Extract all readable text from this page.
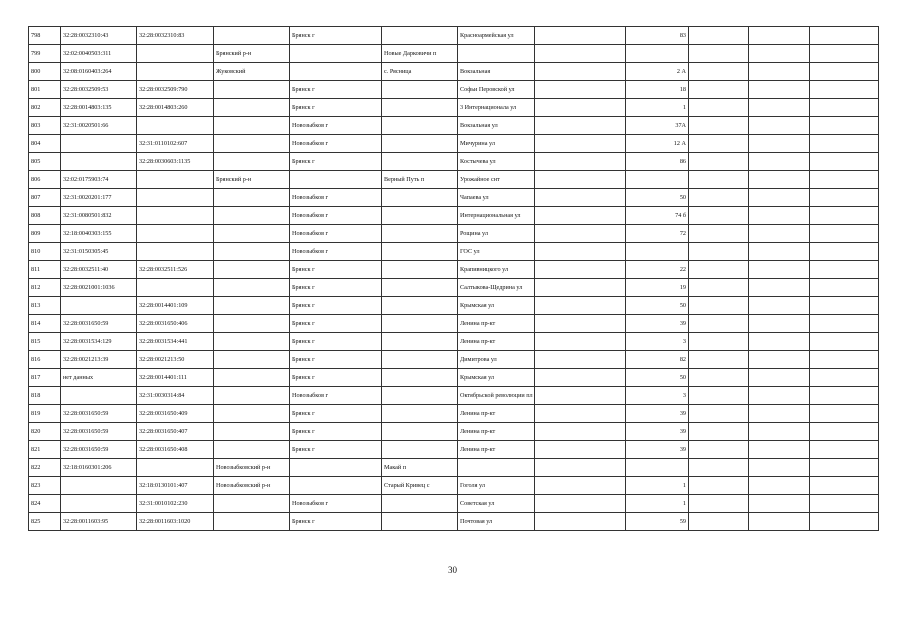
798	32:28:0032310:43	32:28:0032310:83		Брянск г		Красноармейская ул		83			
799	32:02:0040503:311		Брянский р-н		Новые Дарковичи п						
800	32:08:0160403:264		Жуковский		с. Рясница	Вокзальная		2 А			
801	32:28:0032509:53	32:28:0032509:790		Брянск г		Софьи Перовской ул		18			
802	32:28:0014803:135	32:28:0014803:260		Брянск г		3 Интернационала ул		1			
803	32:31:0020501:66			Новозыбков г		Вокзальная ул		37А			
804		32:31:0110102:607		Новозыбков г		Мичурина ул		12 А			
805		32:28:0030603:1135		Брянск г		Костычева ул		86			
806	32:02:0175903:74		Брянский р-н		Верный Путь п	Урожайное снт					
807	32:31:0020201:177			Новозыбков г		Чапаева ул		50			
808	32:31:0080501:832			Новозыбков г		Интернациональная ул		74 б			
809	32:18:0040303:155			Новозыбков г		Рощина ул		72			
810	32:31:0150305:45			Новозыбков г		ГОС ул					
811	32:28:0032511:40	32:28:0032511:526		Брянск г		Крапивницкого ул		22			
812	32:28:0021001:1036			Брянск г		Салтыкова-Щедрина ул		19			
813		32:28:0014401:109		Брянск г		Крымская ул		50			
814	32:28:0031650:59	32:28:0031650:406		Брянск г		Ленина пр-кт		39			
815	32:28:0031534:129	32:28:0031534:441		Брянск г		Ленина пр-кт		3			
816	32:28:0021213:39	32:28:0021213:50		Брянск г		Димитрова ул		82			
817	нет данных	32:28:0014401:111		Брянск г		Крымская ул		50			
818		32:31:0030314:84		Новозыбков г		Октябрьской революции пл		3			
819	32:28:0031650:59	32:28:0031650:409		Брянск г		Ленина пр-кт		39			
820	32:28:0031650:59	32:28:0031650:407		Брянск г		Ленина пр-кт		39			
821	32:28:0031650:59	32:28:0031650:408		Брянск г		Ленина пр-кт		39			
822	32:18:0160301:206		Новозыбковский р-н		Макай п						
823		32:18:0130101:407	Новозыбковский р-н		Старый Кривец с	Гоголя ул		1			
824		32:31:0010102:230		Новозыбков г		Советская ул		1			
825	32:28:0011603:95	32:28:0011603:1020		Брянск г		Почтовая ул		59			
30
